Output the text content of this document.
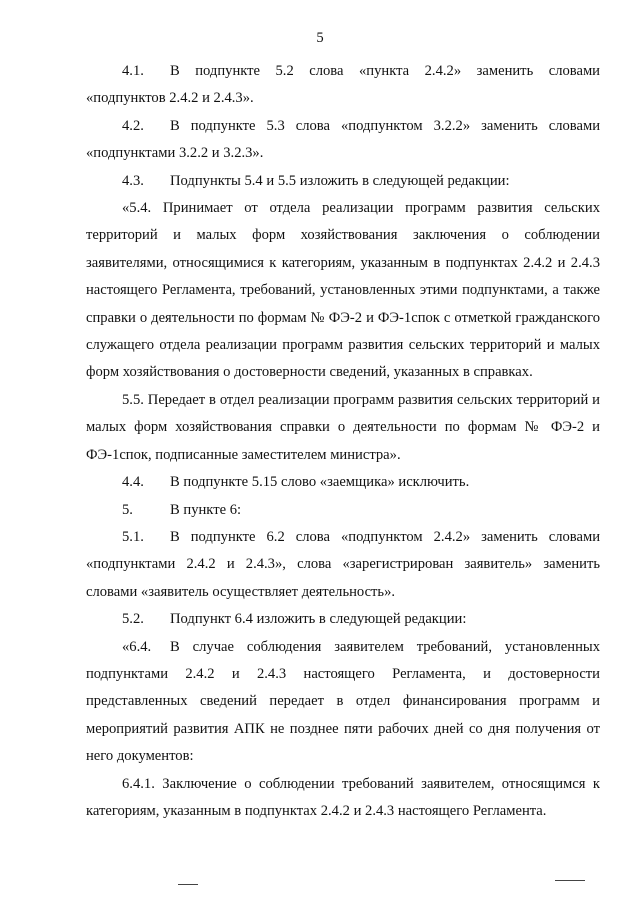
5

4.1. В подпункте 5.2 слова «пункта 2.4.2» заменить словами «подпунктов 2.4.2 и 2.4.3».

4.2. В подпункте 5.3 слова «подпунктом 3.2.2» заменить словами «подпунктами 3.2.2 и 3.2.3».

4.3. Подпункты 5.4 и 5.5 изложить в следующей редакции:

«5.4. Принимает от отдела реализации программ развития сельских территорий и малых форм хозяйствования заключения о соблюдении заявителями, относящимися к категориям, указанным в подпунктах 2.4.2 и 2.4.3 настоящего Регламента, требований, установленных этими подпунктами, а также справки о деятельности по формам № ФЭ-2 и ФЭ-1спок с отметкой гражданского служащего отдела реализации программ развития сельских территорий и малых форм хозяйствования о достоверности сведений, указанных в справках.

5.5. Передает в отдел реализации программ развития сельских территорий и малых форм хозяйствования справки о деятельности по формам № ФЭ-2 и ФЭ-1спок, подписанные заместителем министра».

4.4. В подпункте 5.15 слово «заемщика» исключить.

5.	В пункте 6:

5.1. В подпункте 6.2 слова «подпунктом 2.4.2» заменить словами «подпунктами 2.4.2 и 2.4.3», слова «зарегистрирован заявитель» заменить словами «заявитель осуществляет деятельность».

5.2. Подпункт 6.4 изложить в следующей редакции:

«6.4. В случае соблюдения заявителем требований, установленных подпунктами 2.4.2 и 2.4.3 настоящего Регламента, и достоверности представленных сведений передает в отдел финансирования программ и мероприятий развития АПК не позднее пяти рабочих дней со дня получения от него документов:

6.4.1. Заключение о соблюдении требований заявителем, относящимся к категориям, указанным в подпунктах 2.4.2 и 2.4.3 настоящего Регламента.
